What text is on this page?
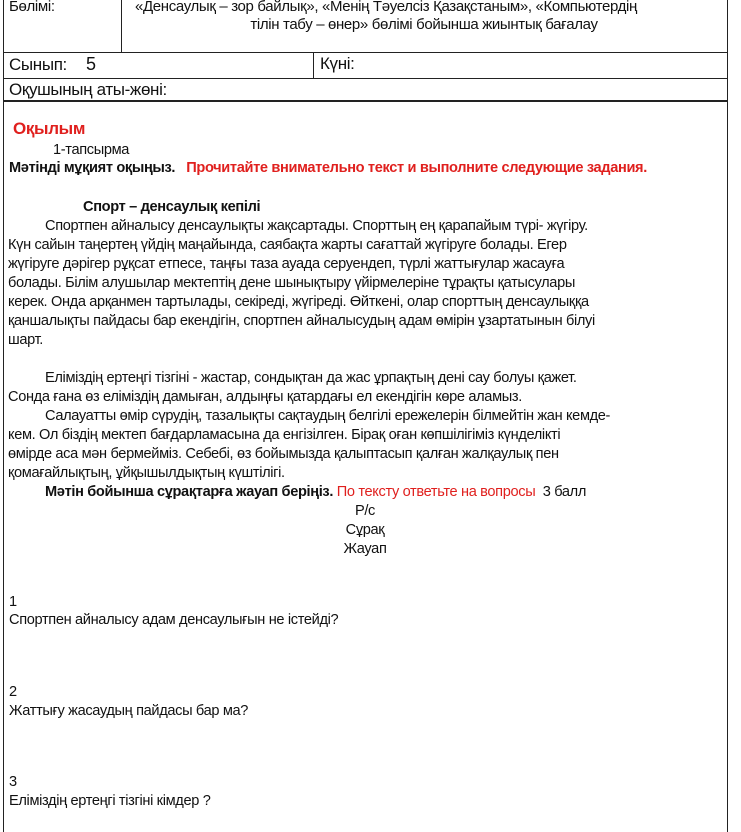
Бөлімі:	«Денсаулық – зор байлық», «Менің Тәуелсіз Қазақстаным», «Компьютердің
тілін табу – өнер» бөлімі бойынша жиынтық бағалау
Сынып: 5	Күні:
Оқушының аты-жөні:
Оқылым
1-тапсырма
Мәтінді мұқият оқыңыз. Прочитайте внимательно текст и выполните следующие задания.
Спорт – денсаулық кепілі
Спортпен айналысу денсаулықты жақсартады. Спорттың ең қарапайым түрі- жүгіру.
Күн сайын таңертең үйдің маңайында, саябақта жарты сағаттай жүгіруге болады. Егер
жүгіруге дәрігер рұқсат етпесе, таңғы таза ауада серуендеп, түрлі жаттығулар жасауға
болады. Білім алушылар мектептің дене шынықтыру үйірмелеріне тұрақты қатысулары
керек. Онда арқанмен тартылады, секіреді, жүгіреді. Өйткені, олар спорттың денсаулыққа
қаншалықты пайдасы бар екендігін, спортпен айналысудың адам өмірін ұзартатынын білуі
шарт.
Еліміздің ертеңгі тізгіні - жастар, сондықтан да жас ұрпақтың дені сау болуы қажет.
Сонда ғана өз еліміздің дамыған, алдыңғы қатардағы ел екендігін көре аламыз.
Салауатты өмір сүрудің, тазалықты сақтаудың белгілі ережелерін білмейтін жан кемде-
кем. Ол біздің мектеп бағдарламасына да енгізілген. Бірақ оған көпшілігіміз күнделікті
өмірде аса мән бермейміз. Себебі, өз бойымызда қалыптасып қалған жалқаулық пен
қомағайлықтың, ұйқышылдықтың күштілігі.
Мәтін бойынша сұрақтарға жауап беріңіз. По тексту ответьте на вопросы 3 балл
Р/с
Сұрақ
Жауап
1
Спортпен айналысу адам денсаулығын не істейді?
2
Жаттығу жасаудың пайдасы бар ма?
3
Еліміздің ертеңгі тізгіні кімдер ?
